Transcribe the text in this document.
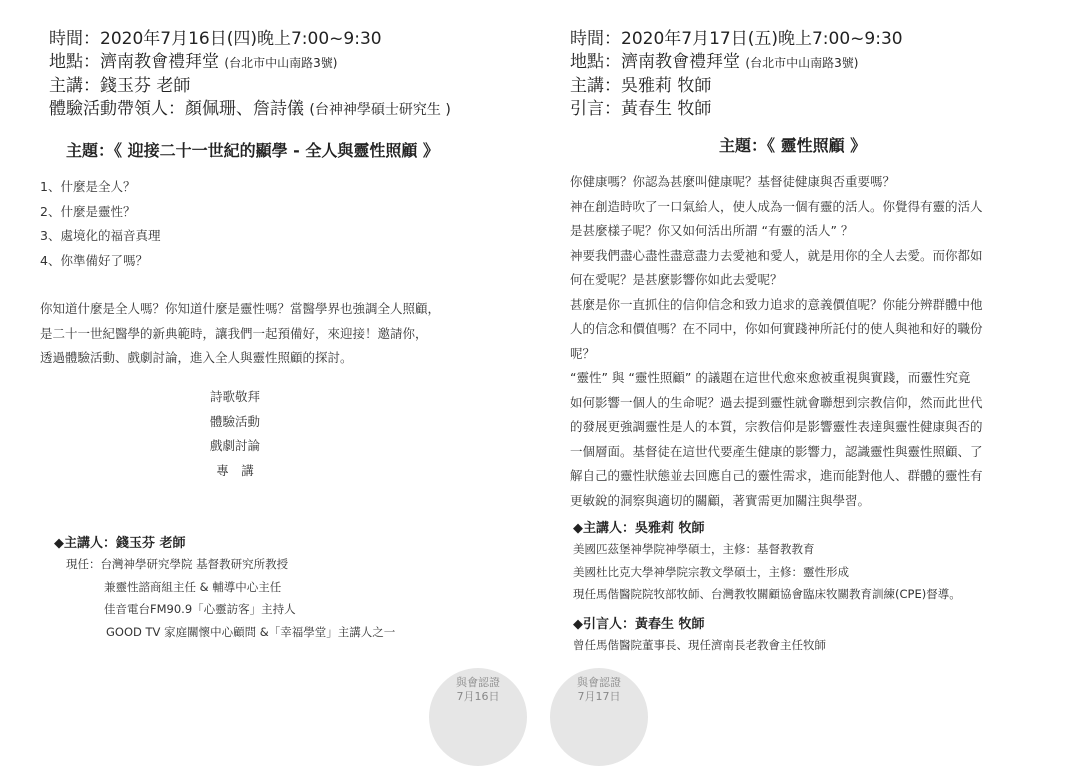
時間：2020年7月16日(四)晚上7:00~9:30
地點：濟南教會禮拜堂 (台北市中山南路3號)
主講：錢玉芬 老師
體驗活動帶領人：顏佩珊、詹詩儀 (台神神學碩士研究生 )
主題：《 迎接二十一世紀的顯學 - 全人與靈性照顧 》
1、什麼是全人？
2、什麼是靈性？
3、處境化的福音真理
4、你準備好了嗎？
你知道什麼是全人嗎？你知道什麼是靈性嗎？當醫學界也強調全人照顧，
是二十一世紀醫學的新典範時，讓我們一起預備好，來迎接！邀請你，
透過體驗活動、戲劇討論，進入全人與靈性照顧的探討。
詩歌敬拜
體驗活動
戲劇討論
專　講
◆主講人：錢玉芬 老師
現任：台灣神學研究學院 基督教研究所教授
兼靈性諮商組主任 & 輔導中心主任
佳音電台FM90.9「心靈訪客」主持人
GOOD TV 家庭關懷中心顧問 &「幸福學堂」主講人之一
與會認證
7月16日
時間：2020年7月17日(五)晚上7:00~9:30
地點：濟南教會禮拜堂 (台北市中山南路3號)
主講：吳雅莉 牧師
引言：黃春生 牧師
主題：《 靈性照顧 》
你健康嗎？你認為甚麼叫健康呢？基督徒健康與否重要嗎？
神在創造時吹了一口氣給人，使人成為一個有靈的活人。你覺得有靈的活人
是甚麼樣子呢？你又如何活出所謂 “有靈的活人” ？
神要我們盡心盡性盡意盡力去愛祂和愛人，就是用你的全人去愛。而你都如
何在愛呢？是甚麼影響你如此去愛呢？
甚麼是你一直抓住的信仰信念和致力追求的意義價值呢？你能分辨群體中他
人的信念和價值嗎？在不同中，你如何實踐神所託付的使人與祂和好的職份
呢？
“靈性” 與 “靈性照顧” 的議題在這世代愈來愈被重視與實踐，而靈性究竟
如何影響一個人的生命呢？過去提到靈性就會聯想到宗教信仰，然而此世代
的發展更強調靈性是人的本質，宗教信仰是影響靈性表達與靈性健康與否的
一個層面。基督徒在這世代要產生健康的影響力，認識靈性與靈性照顧、了
解自己的靈性狀態並去回應自己的靈性需求，進而能對他人、群體的靈性有
更敏銳的洞察與適切的關顧，著實需更加關注與學習。
◆主講人：吳雅莉 牧師
美國匹茲堡神學院神學碩士，主修：基督教教育
美國杜比克大學神學院宗教文學碩士，主修：靈性形成
現任馬偕醫院院牧部牧師、台灣教牧關顧協會臨床牧關教育訓練(CPE)督導。
◆引言人：黃春生 牧師
曾任馬偕醫院董事長、現任濟南長老教會主任牧師
與會認證
7月17日
